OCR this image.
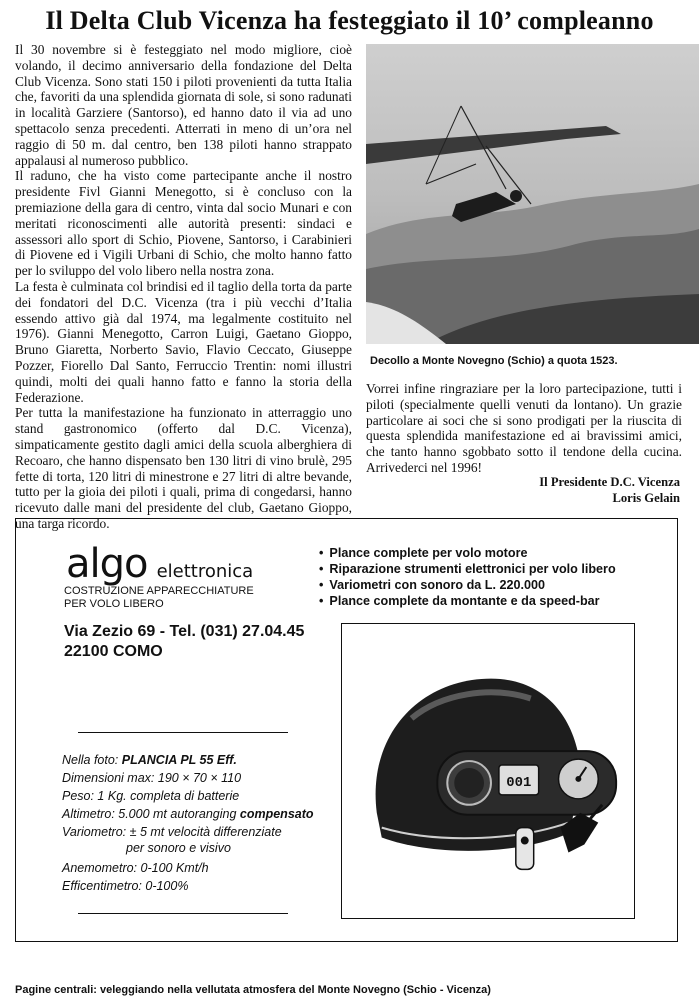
Il Delta Club Vicenza ha festeggiato il 10’ compleanno

Il 30 novembre si è festeggiato nel modo migliore, cioè volando, il decimo anniversario della fondazione del Delta Club Vicenza. Sono stati 150 i piloti provenienti da tutta Italia che, favoriti da una splendida giornata di sole, si sono radunati in località Garziere (Santorso), ed hanno dato il via ad uno spettacolo senza precedenti. Atterrati in meno di un’ora nel raggio di 50 m. dal centro, ben 138 piloti hanno strappato appalausi al numeroso pubblico.

Il raduno, che ha visto come partecipante anche il nostro presidente Fivl Gianni Menegotto, si è concluso con la premiazione della gara di centro, vinta dal socio Munari e con meritati riconoscimenti alle autorità presenti: sindaci e assessori allo sport di Schio, Piovene, Santorso, i Carabinieri di Piovene ed i Vigili Urbani di Schio, che molto hanno fatto per lo sviluppo del volo libero nella nostra zona.

La festa è culminata col brindisi ed il taglio della torta da parte dei fondatori del D.C. Vicenza (tra i più vecchi d’Italia essendo attivo già dal 1974, ma legalmente costituito nel 1976). Gianni Menegotto, Carron Luigi, Gaetano Gioppo, Bruno Giaretta, Norberto Savio, Flavio Ceccato, Giuseppe Pozzer, Fiorello Dal Santo, Ferruccio Trentin: nomi illustri quindi, molti dei quali hanno fatto e fanno la storia della Federazione.

Per tutta la manifestazione ha funzionato in atterraggio uno stand gastronomico (offerto dal D.C. Vicenza), simpaticamente gestito dagli amici della scuola alberghiera di Recoaro, che hanno dispensato ben 130 litri di vino brulè, 295 fette di torta, 120 litri di minestrone e 27 litri di altre bevande, tutto per la gioia dei piloti i quali, prima di congedarsi, hanno ricevuto dalle mani del presidente del club, Gaetano Gioppo, una targa ricordo.

Decollo a Monte Novegno (Schio) a quota 1523.
Vorrei infine ringraziare per la loro partecipazione, tutti i piloti (specialmente quelli venuti da lontano). Un grazie particolare ai soci che si sono prodigati per la riuscita di questa splendida manifestazione ed ai bravissimi amici, che tanto hanno sgobbato sotto il tendone della cucina. Arrivederci nel 1996!
Il Presidente D.C. Vicenza
Loris Gelain
algo elettronica
COSTRUZIONE APPARECCHIATURE
PER VOLO LIBERO
Via Zezio 69 - Tel. (031) 27.04.45
22100 COMO
• Plance complete per volo motore
• Riparazione strumenti elettronici per volo libero
• Variometri con sonoro da L. 220.000
• Plance complete da montante e da speed-bar
Nella foto: PLANCIA PL 55 Eff.
Dimensioni max: 190 × 70 × 110
Peso: 1 Kg. completa di batterie
Altimetro: 5.000 mt autoranging compensato
Variometro: ± 5 mt velocità differenziate
per sonoro e visivo
Anemometro: 0-100 Kmt/h
Efficentimetro: 0-100%
001
Pagine centrali: veleggiando nella vellutata atmosfera del Monte Novegno (Schio - Vicenza)
